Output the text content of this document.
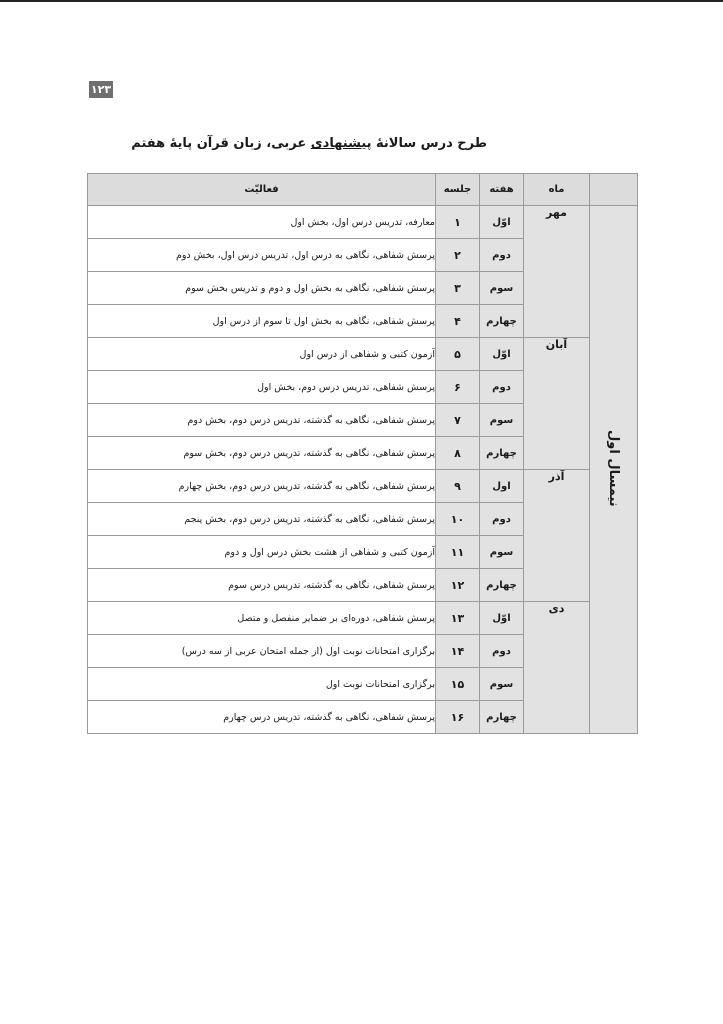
۱۲۳
طرح درس سالانهٔ پیشنهادی عربی، زبان قرآن پایهٔ هفتم
	ماه	هفته	جلسه	فعالیّت
نیمسال اول	مهر	اوّل	۱	معارفه، تدریس درس اول، بخش اول
		دوم	۲	پرسش شفاهی، نگاهی به درس اول، تدریس درس اول، بخش دوم
		سوم	۳	پرسش شفاهی، نگاهی به بخش اول و دوم و تدریس بخش سوم
		چهارم	۴	پرسش شفاهی، نگاهی به بخش اول تا سوم از درس اول
	آبان	اوّل	۵	آزمون کتبی و شفاهی از درس اول
		دوم	۶	پرسش شفاهی، تدریس درس دوم، بخش اول
		سوم	۷	پرسش شفاهی، نگاهی به گذشته، تدریس درس دوم، بخش دوم
		چهارم	۸	پرسش شفاهی، نگاهی به گذشته، تدریس درس دوم، بخش سوم
	آذر	اول	۹	پرسش شفاهی، نگاهی به گذشته، تدریس درس دوم، بخش چهارم
		دوم	۱۰	پرسش شفاهی، نگاهی به گذشته، تدریس درس دوم، بخش پنجم
		سوم	۱۱	آزمون کتبی و شفاهی از هشت بخش درس اول و دوم
		چهارم	۱۲	پرسش شفاهی، نگاهی به گذشته، تدریس درس سوم
	دی	اوّل	۱۳	پرسش شفاهی، دوره‌ای بر ضمایر منفصل و متصل
		دوم	۱۴	برگزاری امتحانات نوبت اول (از جمله امتحان عربی از سه درس)
		سوم	۱۵	برگزاری امتحانات نوبت اول
		چهارم	۱۶	پرسش شفاهی، نگاهی به گذشته، تدریس درس چهارم
